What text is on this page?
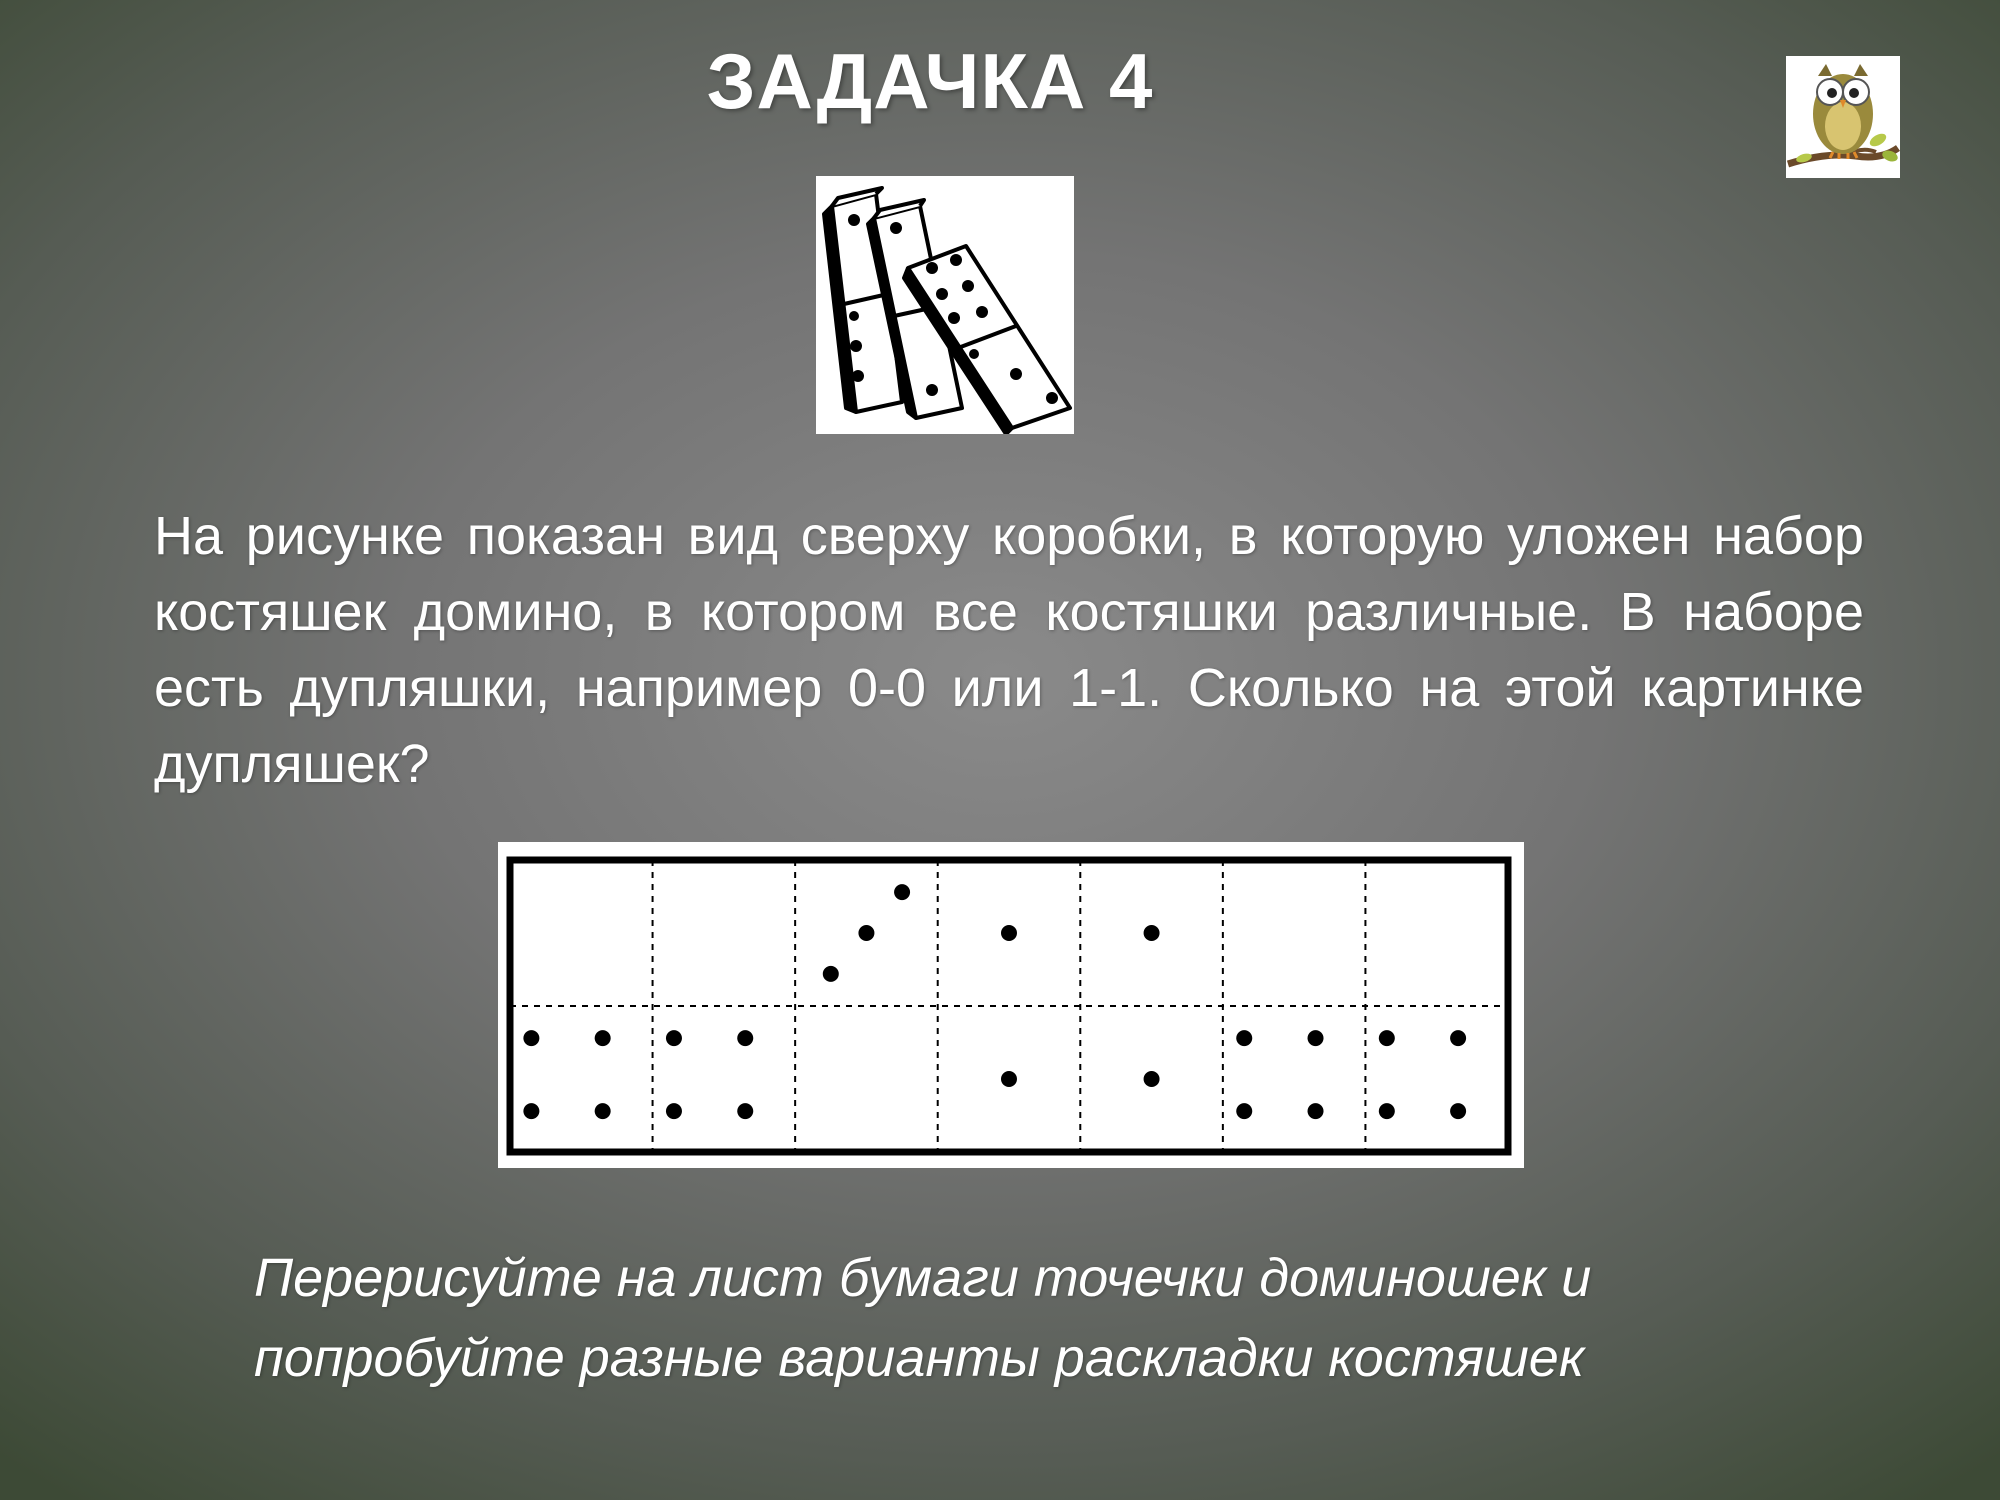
ЗАДАЧКА 4
На рисунке показан вид сверху коробки, в которую уложен набор костяшек домино, в котором все костяшки различные. В наборе есть дупляшки, например 0-0 или 1-1. Сколько на этой картинке дупляшек?
Перерисуйте на лист бумаги точечки доминошек и
попробуйте разные варианты раскладки костяшек
